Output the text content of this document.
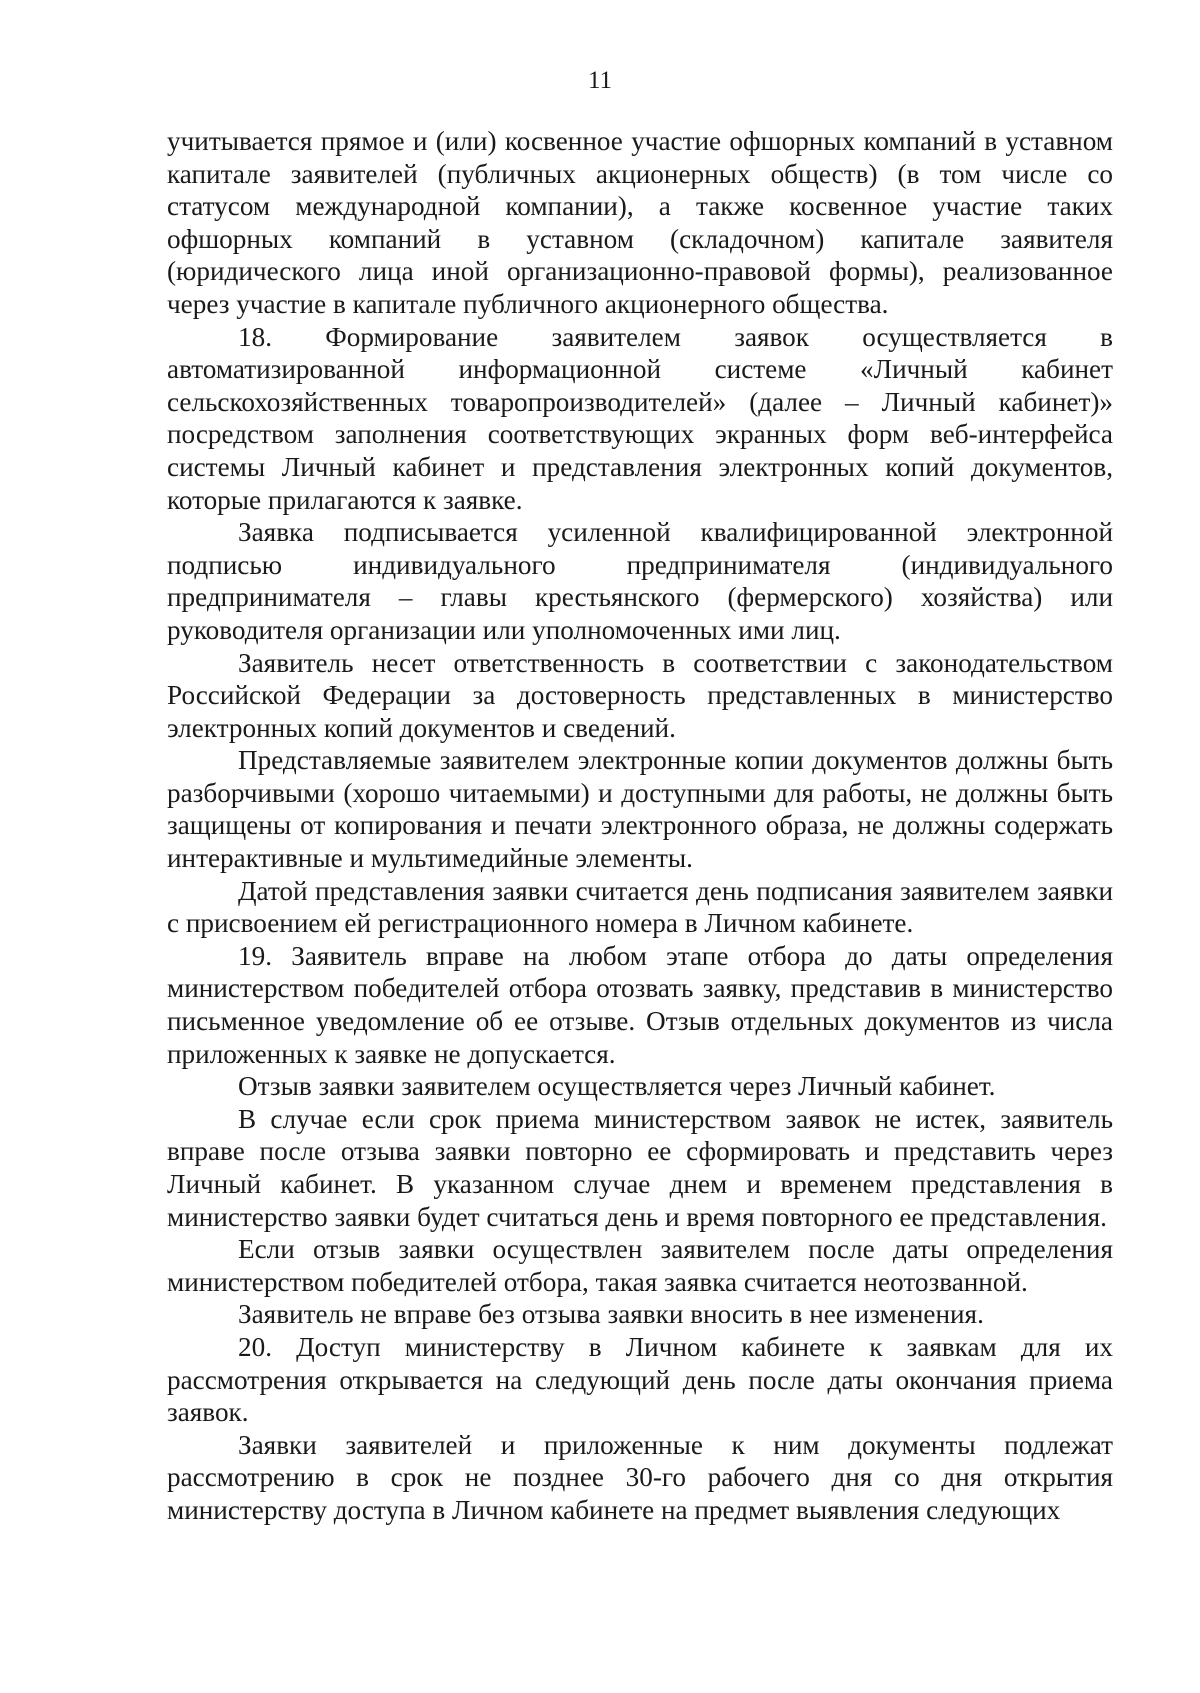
11

учитывается прямое и (или) косвенное участие офшорных компаний в уставном капитале заявителей (публичных акционерных обществ) (в том числе со статусом международной компании), а также косвенное участие таких офшорных компаний в уставном (складочном) капитале заявителя (юридического лица иной организационно-правовой формы), реализованное через участие в капитале публичного акционерного общества.

18. Формирование заявителем заявок осуществляется в автоматизированной информационной системе «Личный кабинет сельскохозяйственных товаропроизводителей» (далее – Личный кабинет)» посредством заполнения соответствующих экранных форм веб-интерфейса системы Личный кабинет и представления электронных копий документов, которые прилагаются к заявке.

Заявка подписывается усиленной квалифицированной электронной подписью индивидуального предпринимателя (индивидуального предпринимателя – главы крестьянского (фермерского) хозяйства) или руководителя организации или уполномоченных ими лиц.

Заявитель несет ответственность в соответствии с законодательством Российской Федерации за достоверность представленных в министерство электронных копий документов и сведений.

Представляемые заявителем электронные копии документов должны быть разборчивыми (хорошо читаемыми) и доступными для работы, не должны быть защищены от копирования и печати электронного образа, не должны содержать интерактивные и мультимедийные элементы.

Датой представления заявки считается день подписания заявителем заявки с присвоением ей регистрационного номера в Личном кабинете.

19. Заявитель вправе на любом этапе отбора до даты определения министерством победителей отбора отозвать заявку, представив в министерство письменное уведомление об ее отзыве. Отзыв отдельных документов из числа приложенных к заявке не допускается.

Отзыв заявки заявителем осуществляется через Личный кабинет.

В случае если срок приема министерством заявок не истек, заявитель вправе после отзыва заявки повторно ее сформировать и представить через Личный кабинет. В указанном случае днем и временем представления в министерство заявки будет считаться день и время повторного ее представления.

Если отзыв заявки осуществлен заявителем после даты определения министерством победителей отбора, такая заявка считается неотозванной.

Заявитель не вправе без отзыва заявки вносить в нее изменения.

20. Доступ министерству в Личном кабинете к заявкам для их рассмотрения открывается на следующий день после даты окончания приема заявок.

Заявки заявителей и приложенные к ним документы подлежат рассмотрению в срок не позднее 30-го рабочего дня со дня открытия министерству доступа в Личном кабинете на предмет выявления следующих
